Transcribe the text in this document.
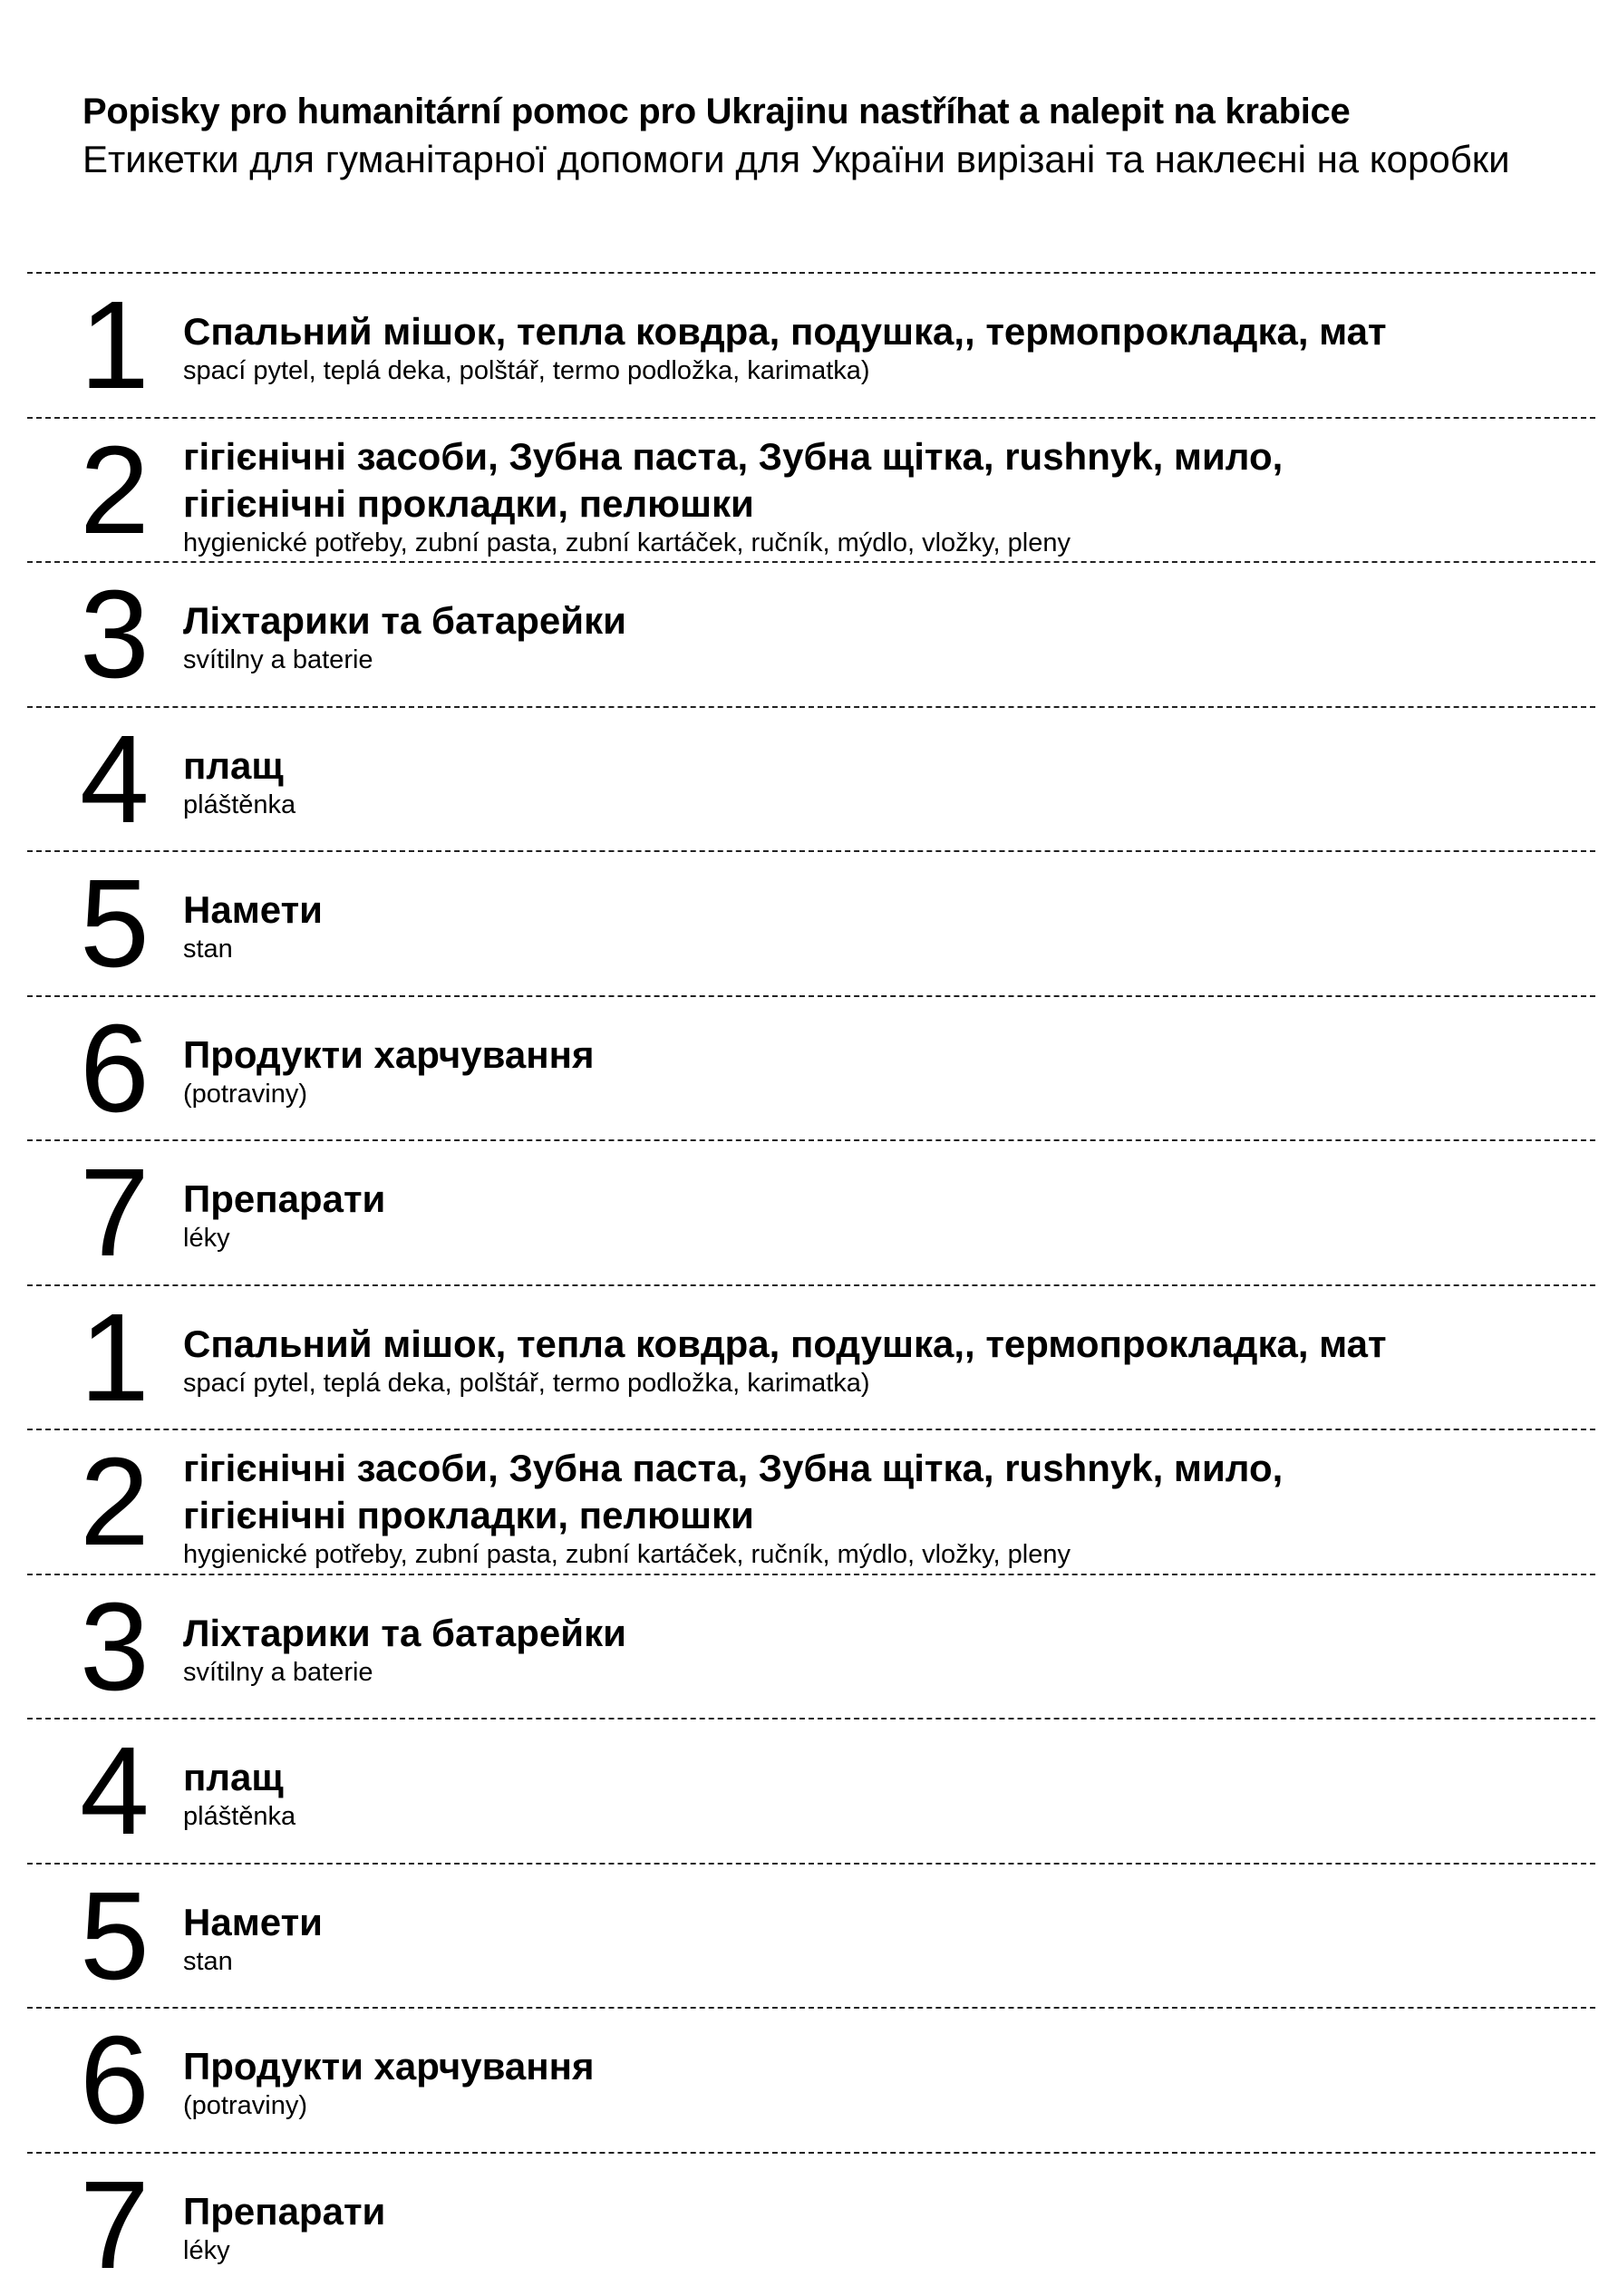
Popisky pro humanitární pomoc pro Ukrajinu nastříhat a nalepit na krabice

Етикетки для гуманітарної допомоги для України вирізані та наклеєні на коробки

1 Спальний мішок, тепла ковдра, подушка,, термопрокладка, мат

spací pytel, teplá deka, polštář, termo podložka, karimatka)

2 гігієнічні засоби, Зубна паста, Зубна щітка, rushnyk, мило,
гігієнічні прокладки, пелюшки

hygienické potřeby, zubní pasta, zubní kartáček, ručník, mýdlo, vložky, pleny

3 Ліхтарики та батарейки

svítilny a baterie

4 плащ

pláštěnka

5 Намети

stan

6 Продукти харчування

(potraviny)

7 Препарати

léky

1 Спальний мішок, тепла ковдра, подушка,, термопрокладка, мат

spací pytel, teplá deka, polštář, termo podložka, karimatka)

2 гігієнічні засоби, Зубна паста, Зубна щітка, rushnyk, мило,
гігієнічні прокладки, пелюшки

hygienické potřeby, zubní pasta, zubní kartáček, ručník, mýdlo, vložky, pleny

3 Ліхтарики та батарейки

svítilny a baterie

4 плащ

pláštěnka

5 Намети

stan

6 Продукти харчування

(potraviny)

7 Препарати

léky
